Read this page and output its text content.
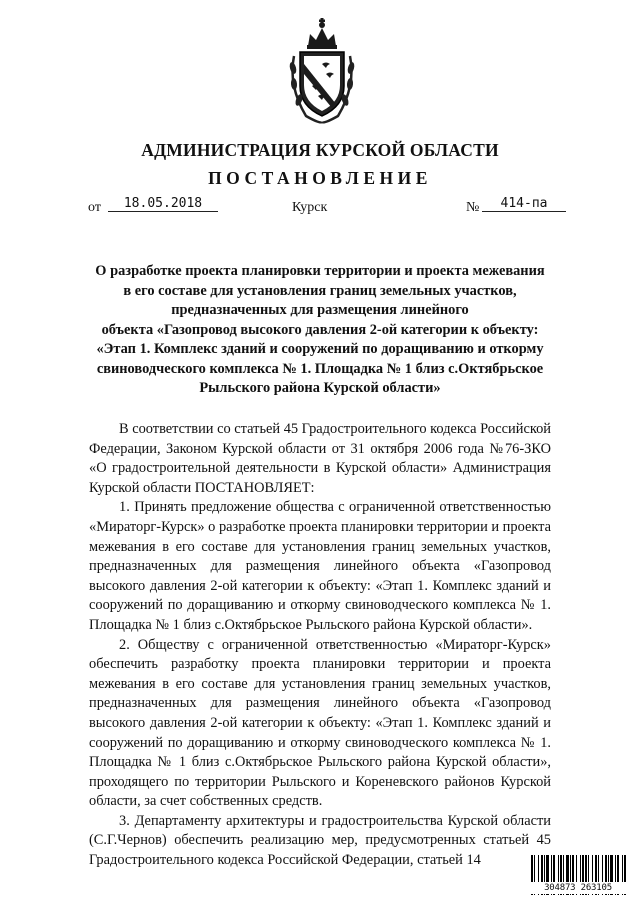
АДМИНИСТРАЦИЯ КУРСКОЙ ОБЛАСТИ
ПОСТАНОВЛЕНИЕ
от	18.05.2018	Курск	№	414-па
О разработке проекта планировки территории и проекта межевания
в его составе для установления границ земельных участков,
предназначенных для размещения линейного
объекта «Газопровод высокого давления 2-ой категории к объекту:
«Этап 1. Комплекс зданий и сооружений по доращиванию и откорму
свиноводческого комплекса № 1. Площадка № 1 близ с.Октябрьское
Рыльского района Курской области»

В соответствии со статьей 45 Градостроительного кодекса Российской Федерации, Законом Курской области от 31 октября 2006 года №76-ЗКО «О градостроительной деятельности в Курской области» Администрация Курской области ПОСТАНОВЛЯЕТ:

1. Принять предложение общества с ограниченной ответственностью «Мираторг-Курск» о разработке проекта планировки территории и проекта межевания в его составе для установления границ земельных участков, предназначенных для размещения линейного объекта «Газопровод высокого давления 2-ой категории к объекту: «Этап 1. Комплекс зданий и сооружений по доращиванию и откорму свиноводческого комплекса № 1. Площадка № 1 близ с.Октябрьское Рыльского района Курской области».

2. Обществу с ограниченной ответственностью «Мираторг-Курск» обеспечить разработку проекта планировки территории и проекта межевания в его составе для установления границ земельных участков, предназначенных для размещения линейного объекта «Газопровод высокого давления 2-ой категории к объекту: «Этап 1. Комплекс зданий и сооружений по доращиванию и откорму свиноводческого комплекса № 1. Площадка № 1 близ с.Октябрьское Рыльского района Курской области», проходящего по территории Рыльского и Кореневского районов Курской области, за счет собственных средств.

3. Департаменту архитектуры и градостроительства Курской области (С.Г.Чернов) обеспечить реализацию мер, предусмотренных статьей 45 Градостроительного кодекса Российской Федерации, статьей 14

304873 263105
